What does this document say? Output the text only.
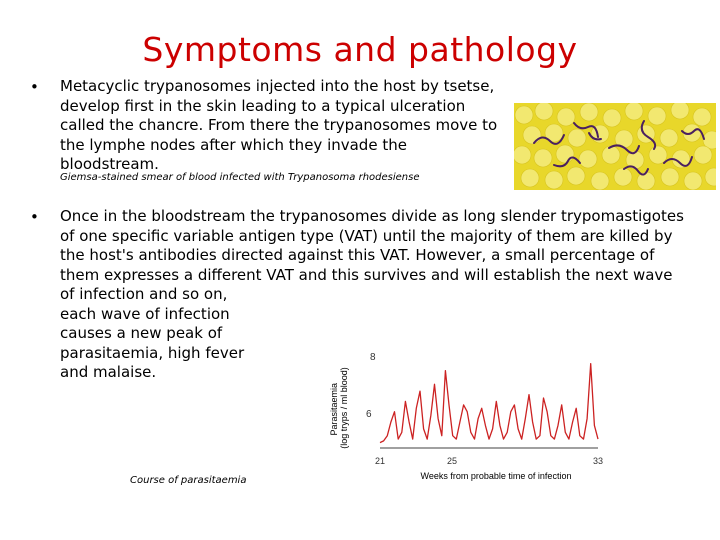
Symptoms and pathology
• Metacyclic trypanosomes injected into the host by tsetse, develop first in the skin leading to a typical ulceration called the chancre. From there the trypanosomes move to the lymphe nodes after which they invade the bloodstream.
Giemsa-stained smear of blood infected with Trypanosoma rhodesiense
• Once in the bloodstream the trypanosomes divide as long slender trypomastigotes
of one specific variable antigen type (VAT) until the majority of them are killed by
the host's antibodies directed against this VAT. However, a small percentage of
them expresses a different VAT and this survives and will establish the next wave
of infection and so on,
each wave of infection
causes a new peak of
parasitaemia, high fever
and malaise.
Parasitaemia (log tryps / ml blood)
8
6
21	25	33
Weeks from probable time of infection
Course of parasitaemia
